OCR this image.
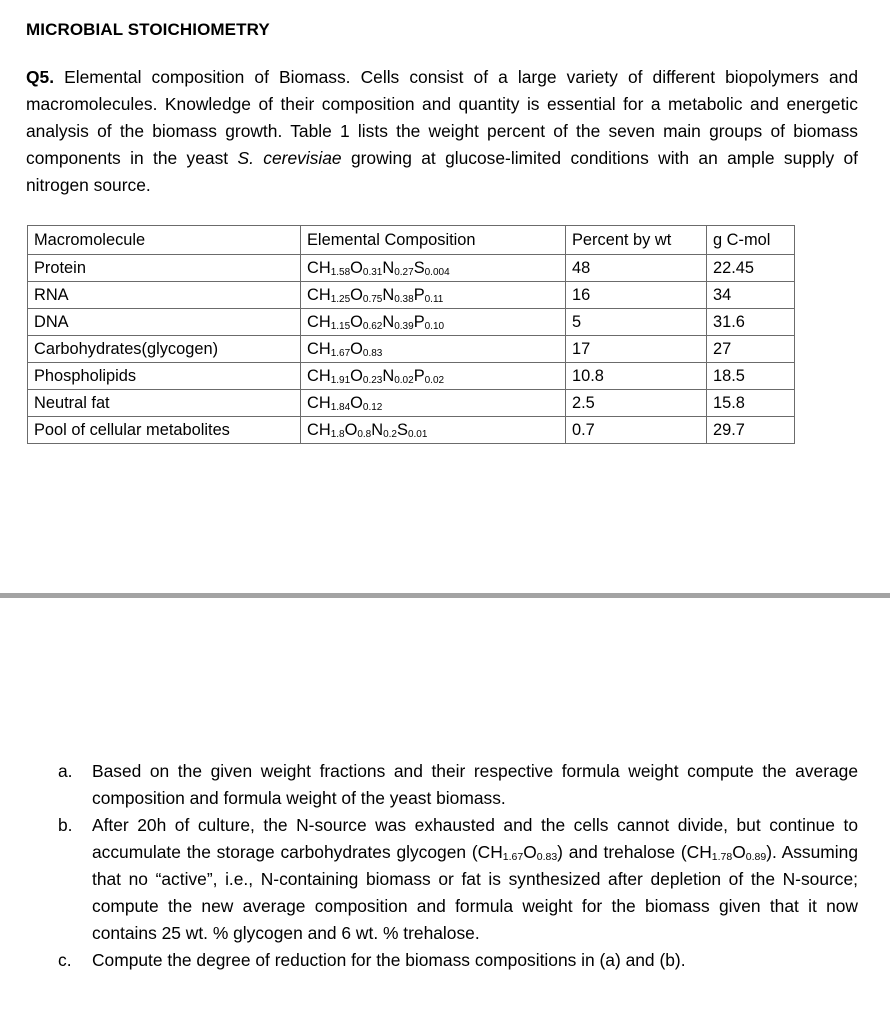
MICROBIAL STOICHIOMETRY
Q5. Elemental composition of Biomass. Cells consist of a large variety of different biopolymers and macromolecules. Knowledge of their composition and quantity is essential for a metabolic and energetic analysis of the biomass growth. Table 1 lists the weight percent of the seven main groups of biomass components in the yeast S. cerevisiae growing at glucose-limited conditions with an ample supply of nitrogen source.
Macromolecule	Elemental Composition	Percent by wt	g C-mol
Protein	$CH_{1.58}O_{0.31}N_{0.27}S_{0.004}$	48	22.45
RNA	$CH_{1.25}O_{0.75}N_{0.38}P_{0.11}$	16	34
DNA	$CH_{1.15}O_{0.62}N_{0.39}P_{0.10}$	5	31.6
Carbohydrates(glycogen)	$CH_{1.67}O_{0.83}$	17	27
Phospholipids	$CH_{1.91}O_{0.23}N_{0.02}P_{0.02}$	10.8	18.5
Neutral fat	$CH_{1.84}O_{0.12}$	2.5	15.8
Pool of cellular metabolites	$CH_{1.8}O_{0.8}N_{0.2}S_{0.01}$	0.7	29.7
a. Based on the given weight fractions and their respective formula weight compute the average composition and formula weight of the yeast biomass.
b. After 20h of culture, the N-source was exhausted and the cells cannot divide, but continue to accumulate the storage carbohydrates glycogen $(CH_{1.67}O_{0.83})$ and trehalose $(CH_{1.78}O_{0.89})$. Assuming that no “active”, i.e., N-containing biomass or fat is synthesized after depletion of the N-source; compute the new average composition and formula weight for the biomass given that it now contains 25 wt. % glycogen and 6 wt. % trehalose.
c. Compute the degree of reduction for the biomass compositions in (a) and (b).
